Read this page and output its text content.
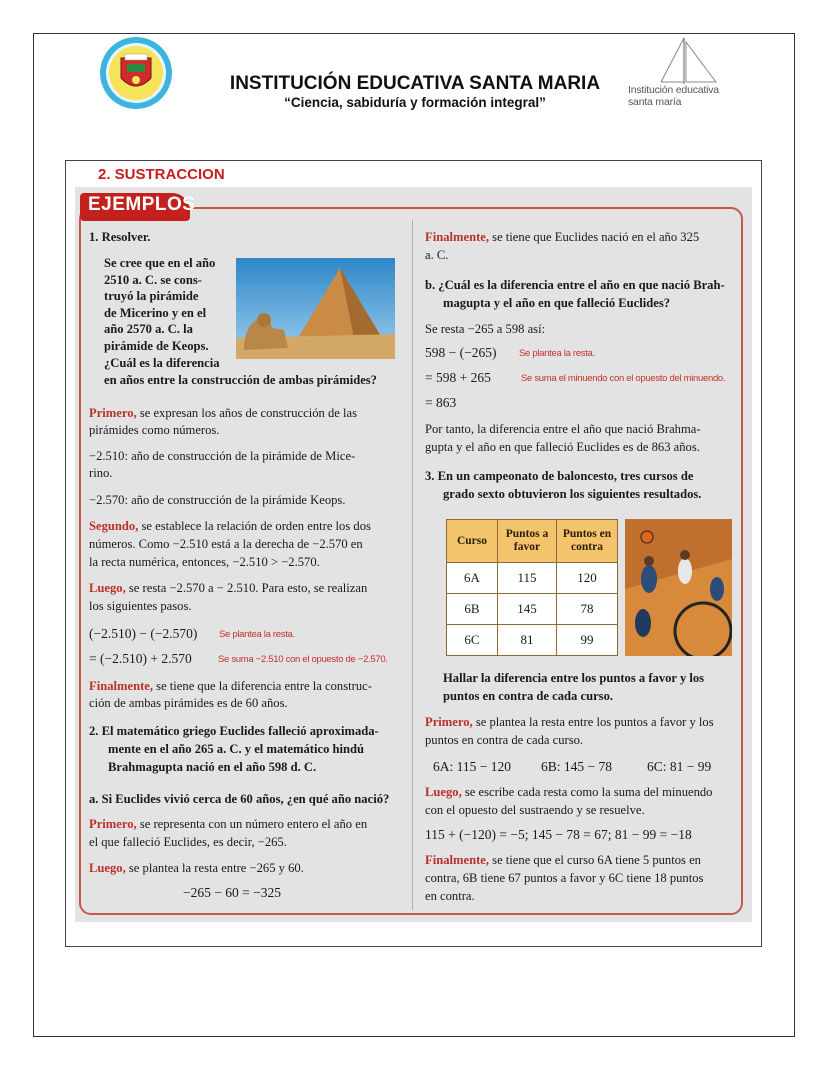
Institución educativa
santa maría
INSTITUCIÓN EDUCATIVA SANTA MARIA
“Ciencia, sabiduría y formación integral”
2. SUSTRACCION
EJEMPLOS
1. Resolver.
Se cree que en el año
2510 a. C. se cons-
truyó la pirámide
de Micerino y en el
año 2570 a. C. la
pirámide de Keops.
¿Cuál es la diferencia
en años entre la construcción de ambas pirámides?
Primero, se expresan los años de construcción de las
pirámides como números.
−2.510: año de construcción de la pirámide de Mice-
rino.
−2.570: año de construcción de la pirámide Keops.
Segundo, se establece la relación de orden entre los dos
números. Como −2.510 está a la derecha de −2.570 en
la recta numérica, entonces, −2.510 > −2.570.
Luego, se resta −2.570 a − 2.510. Para esto, se realizan
los siguientes pasos.
(−2.510) − (−2.570) Se plantea la resta.
= (−2.510) + 2.570	Se suma −2.510 con el opuesto de −2.570.
Finalmente, se tiene que la diferencia entre la construc-
ción de ambas pirámides es de 60 años.
2. El matemático griego Euclides falleció aproximada-
mente en el año 265 a. C. y el matemático hindú
Brahmagupta nació en el año 598 d. C.
a. Si Euclides vivió cerca de 60 años, ¿en qué año nació?
Primero, se representa con un número entero el año en
el que falleció Euclides, es decir, −265.
Luego, se plantea la resta entre −265 y 60.
−265 − 60 = −325
Finalmente, se tiene que Euclides nació en el año 325
a. C.
b. ¿Cuál es la diferencia entre el año en que nació Brah-
magupta y el año en que falleció Euclides?
Se resta −265 a 598 así:
598 − (−265) Se plantea la resta.
= 598 + 265	Se suma el minuendo con el opuesto del minuendo.
= 863
Por tanto, la diferencia entre el año que nació Brahma-
gupta y el año en que falleció Euclides es de 863 años.
3. En un campeonato de baloncesto, tres cursos de
grado sexto obtuvieron los siguientes resultados.
Curso	Puntos a favor	Puntos en contra
6A	115	120
6B	145	78
6C	81	99
Hallar la diferencia entre los puntos a favor y los
puntos en contra de cada curso.
Primero, se plantea la resta entre los puntos a favor y los
puntos en contra de cada curso.
6A: 115 − 120 6B: 145 − 78	6C: 81 − 99
Luego, se escribe cada resta como la suma del minuendo
con el opuesto del sustraendo y se resuelve.
115 + (−120) = −5; 145 − 78 = 67; 81 − 99 = −18
Finalmente, se tiene que el curso 6A tiene 5 puntos en
contra, 6B tiene 67 puntos a favor y 6C tiene 18 puntos
en contra.
